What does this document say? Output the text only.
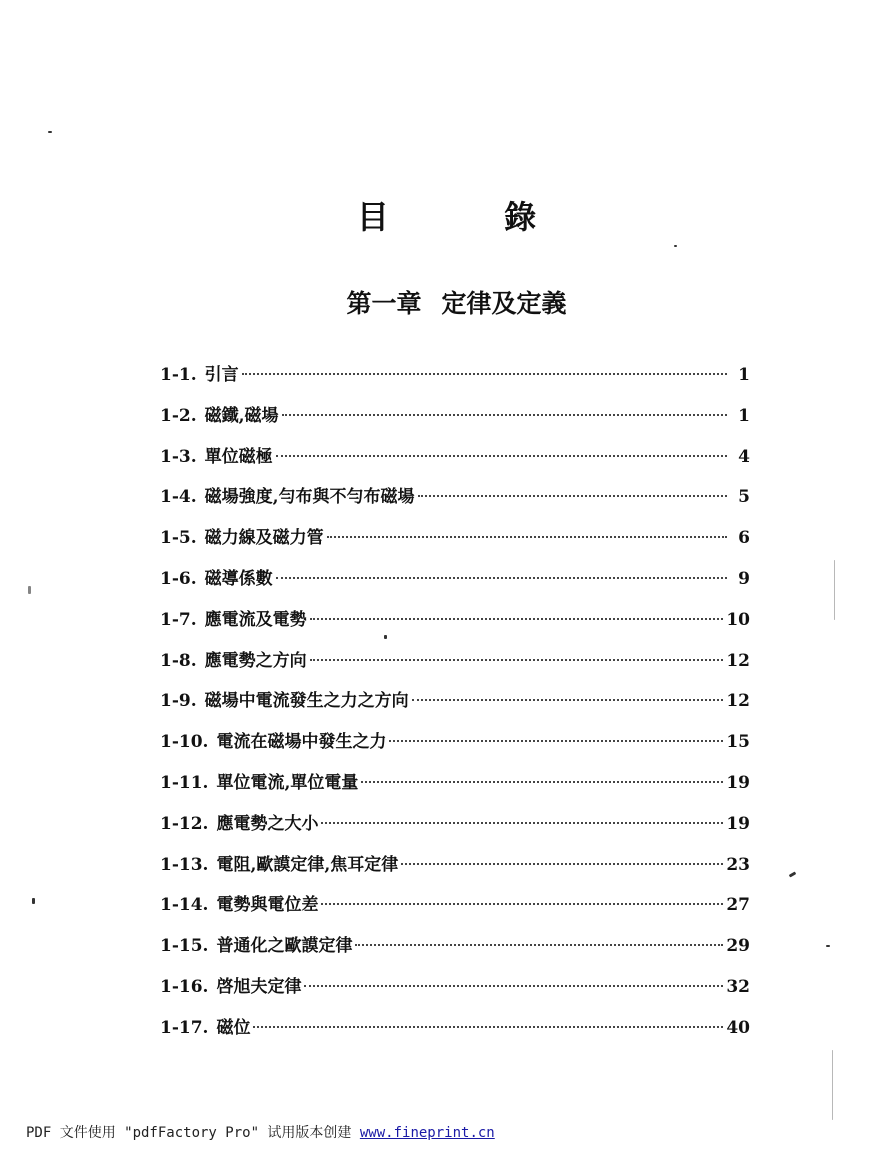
目 錄
第一章 定律及定義
1-1. 引言	1
1-2. 磁鐵,磁場	1
1-3. 單位磁極	4
1-4. 磁場強度,勻布與不勻布磁場	5
1-5. 磁力線及磁力管	6
1-6. 磁導係數	9
1-7. 應電流及電勢	10
1-8. 應電勢之方向	12
1-9. 磁場中電流發生之力之方向	12
1-10. 電流在磁場中發生之力	15
1-11. 單位電流,單位電量	19
1-12. 應電勢之大小	19
1-13. 電阻,歐謨定律,焦耳定律	23
1-14. 電勢與電位差	27
1-15. 普通化之歐謨定律	29
1-16. 啓旭夫定律	32
1-17. 磁位	40
PDF 文件使用 "pdfFactory Pro" 试用版本创建 www.fineprint.cn
